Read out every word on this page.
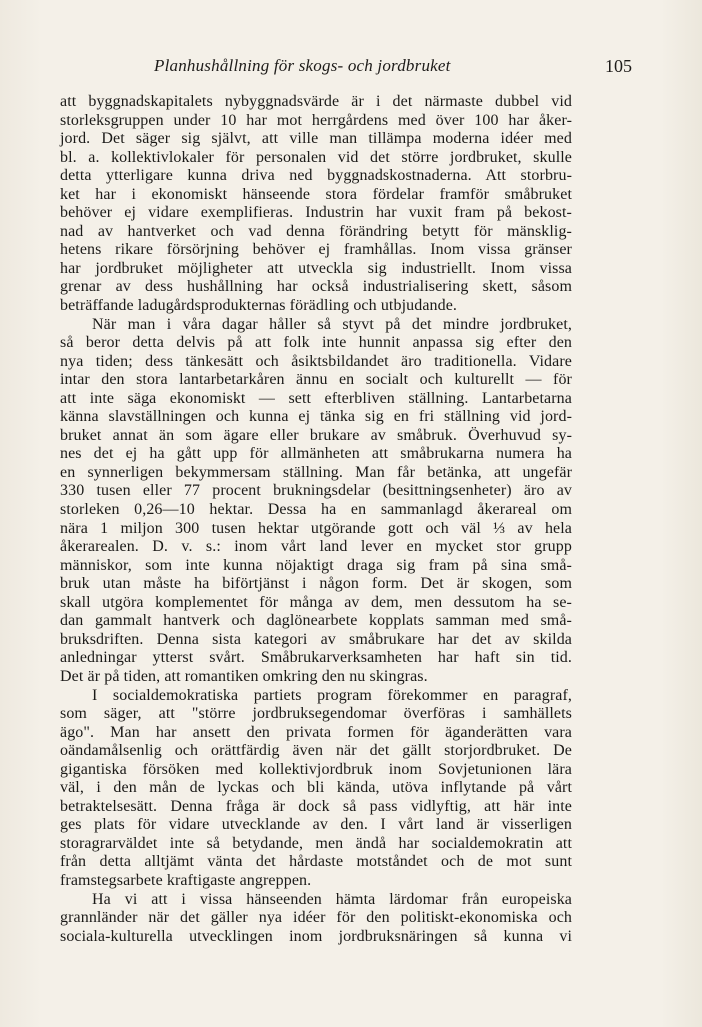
Planhushållning för skogs- och jordbruket	105
att byggnadskapitalets nybyggnadsvärde är i det närmaste dubbel vid
storleksgruppen under 10 har mot herrgårdens med över 100 har åker-
jord. Det säger sig självt, att ville man tillämpa moderna idéer med
bl. a. kollektivlokaler för personalen vid det större jordbruket, skulle
detta ytterligare kunna driva ned byggnadskostnaderna. Att storbru-
ket har i ekonomiskt hänseende stora fördelar framför småbruket
behöver ej vidare exemplifieras. Industrin har vuxit fram på bekost-
nad av hantverket och vad denna förändring betytt för mänsklig-
hetens rikare försörjning behöver ej framhållas. Inom vissa gränser
har jordbruket möjligheter att utveckla sig industriellt. Inom vissa
grenar av dess hushållning har också industrialisering skett, såsom
beträffande ladugårdsprodukternas förädling och utbjudande.
När man i våra dagar håller så styvt på det mindre jordbruket,
så beror detta delvis på att folk inte hunnit anpassa sig efter den
nya tiden; dess tänkesätt och åsiktsbildandet äro traditionella. Vidare
intar den stora lantarbetarkåren ännu en socialt och kulturellt — för
att inte säga ekonomiskt — sett efterbliven ställning. Lantarbetarna
känna slavställningen och kunna ej tänka sig en fri ställning vid jord-
bruket annat än som ägare eller brukare av småbruk. Överhuvud sy-
nes det ej ha gått upp för allmänheten att småbrukarna numera ha
en synnerligen bekymmersam ställning. Man får betänka, att ungefär
330 tusen eller 77 procent brukningsdelar (besittningsenheter) äro av
storleken 0,26—10 hektar. Dessa ha en sammanlagd åkerareal om
nära 1 miljon 300 tusen hektar utgörande gott och väl ⅓ av hela
åkerarealen. D. v. s.: inom vårt land lever en mycket stor grupp
människor, som inte kunna nöjaktigt draga sig fram på sina små-
bruk utan måste ha biförtjänst i någon form. Det är skogen, som
skall utgöra komplementet för många av dem, men dessutom ha se-
dan gammalt hantverk och daglönearbete kopplats samman med små-
bruksdriften. Denna sista kategori av småbrukare har det av skilda
anledningar ytterst svårt. Småbrukarverksamheten har haft sin tid.
Det är på tiden, att romantiken omkring den nu skingras.
I socialdemokratiska partiets program förekommer en paragraf,
som säger, att "större jordbruksegendomar överföras i samhällets
ägo". Man har ansett den privata formen för äganderätten vara
oändamålsenlig och orättfärdig även när det gällt storjordbruket. De
gigantiska försöken med kollektivjordbruk inom Sovjetunionen lära
väl, i den mån de lyckas och bli kända, utöva inflytande på vårt
betraktelsesätt. Denna fråga är dock så pass vidlyftig, att här inte
ges plats för vidare utvecklande av den. I vårt land är visserligen
storagrarväldet inte så betydande, men ändå har socialdemokratin att
från detta alltjämt vänta det hårdaste motståndet och de mot sunt
framstegsarbete kraftigaste angreppen.
Ha vi att i vissa hänseenden hämta lärdomar från europeiska
grannländer när det gäller nya idéer för den politiskt-ekonomiska och
sociala-kulturella utvecklingen inom jordbruksnäringen så kunna vi
